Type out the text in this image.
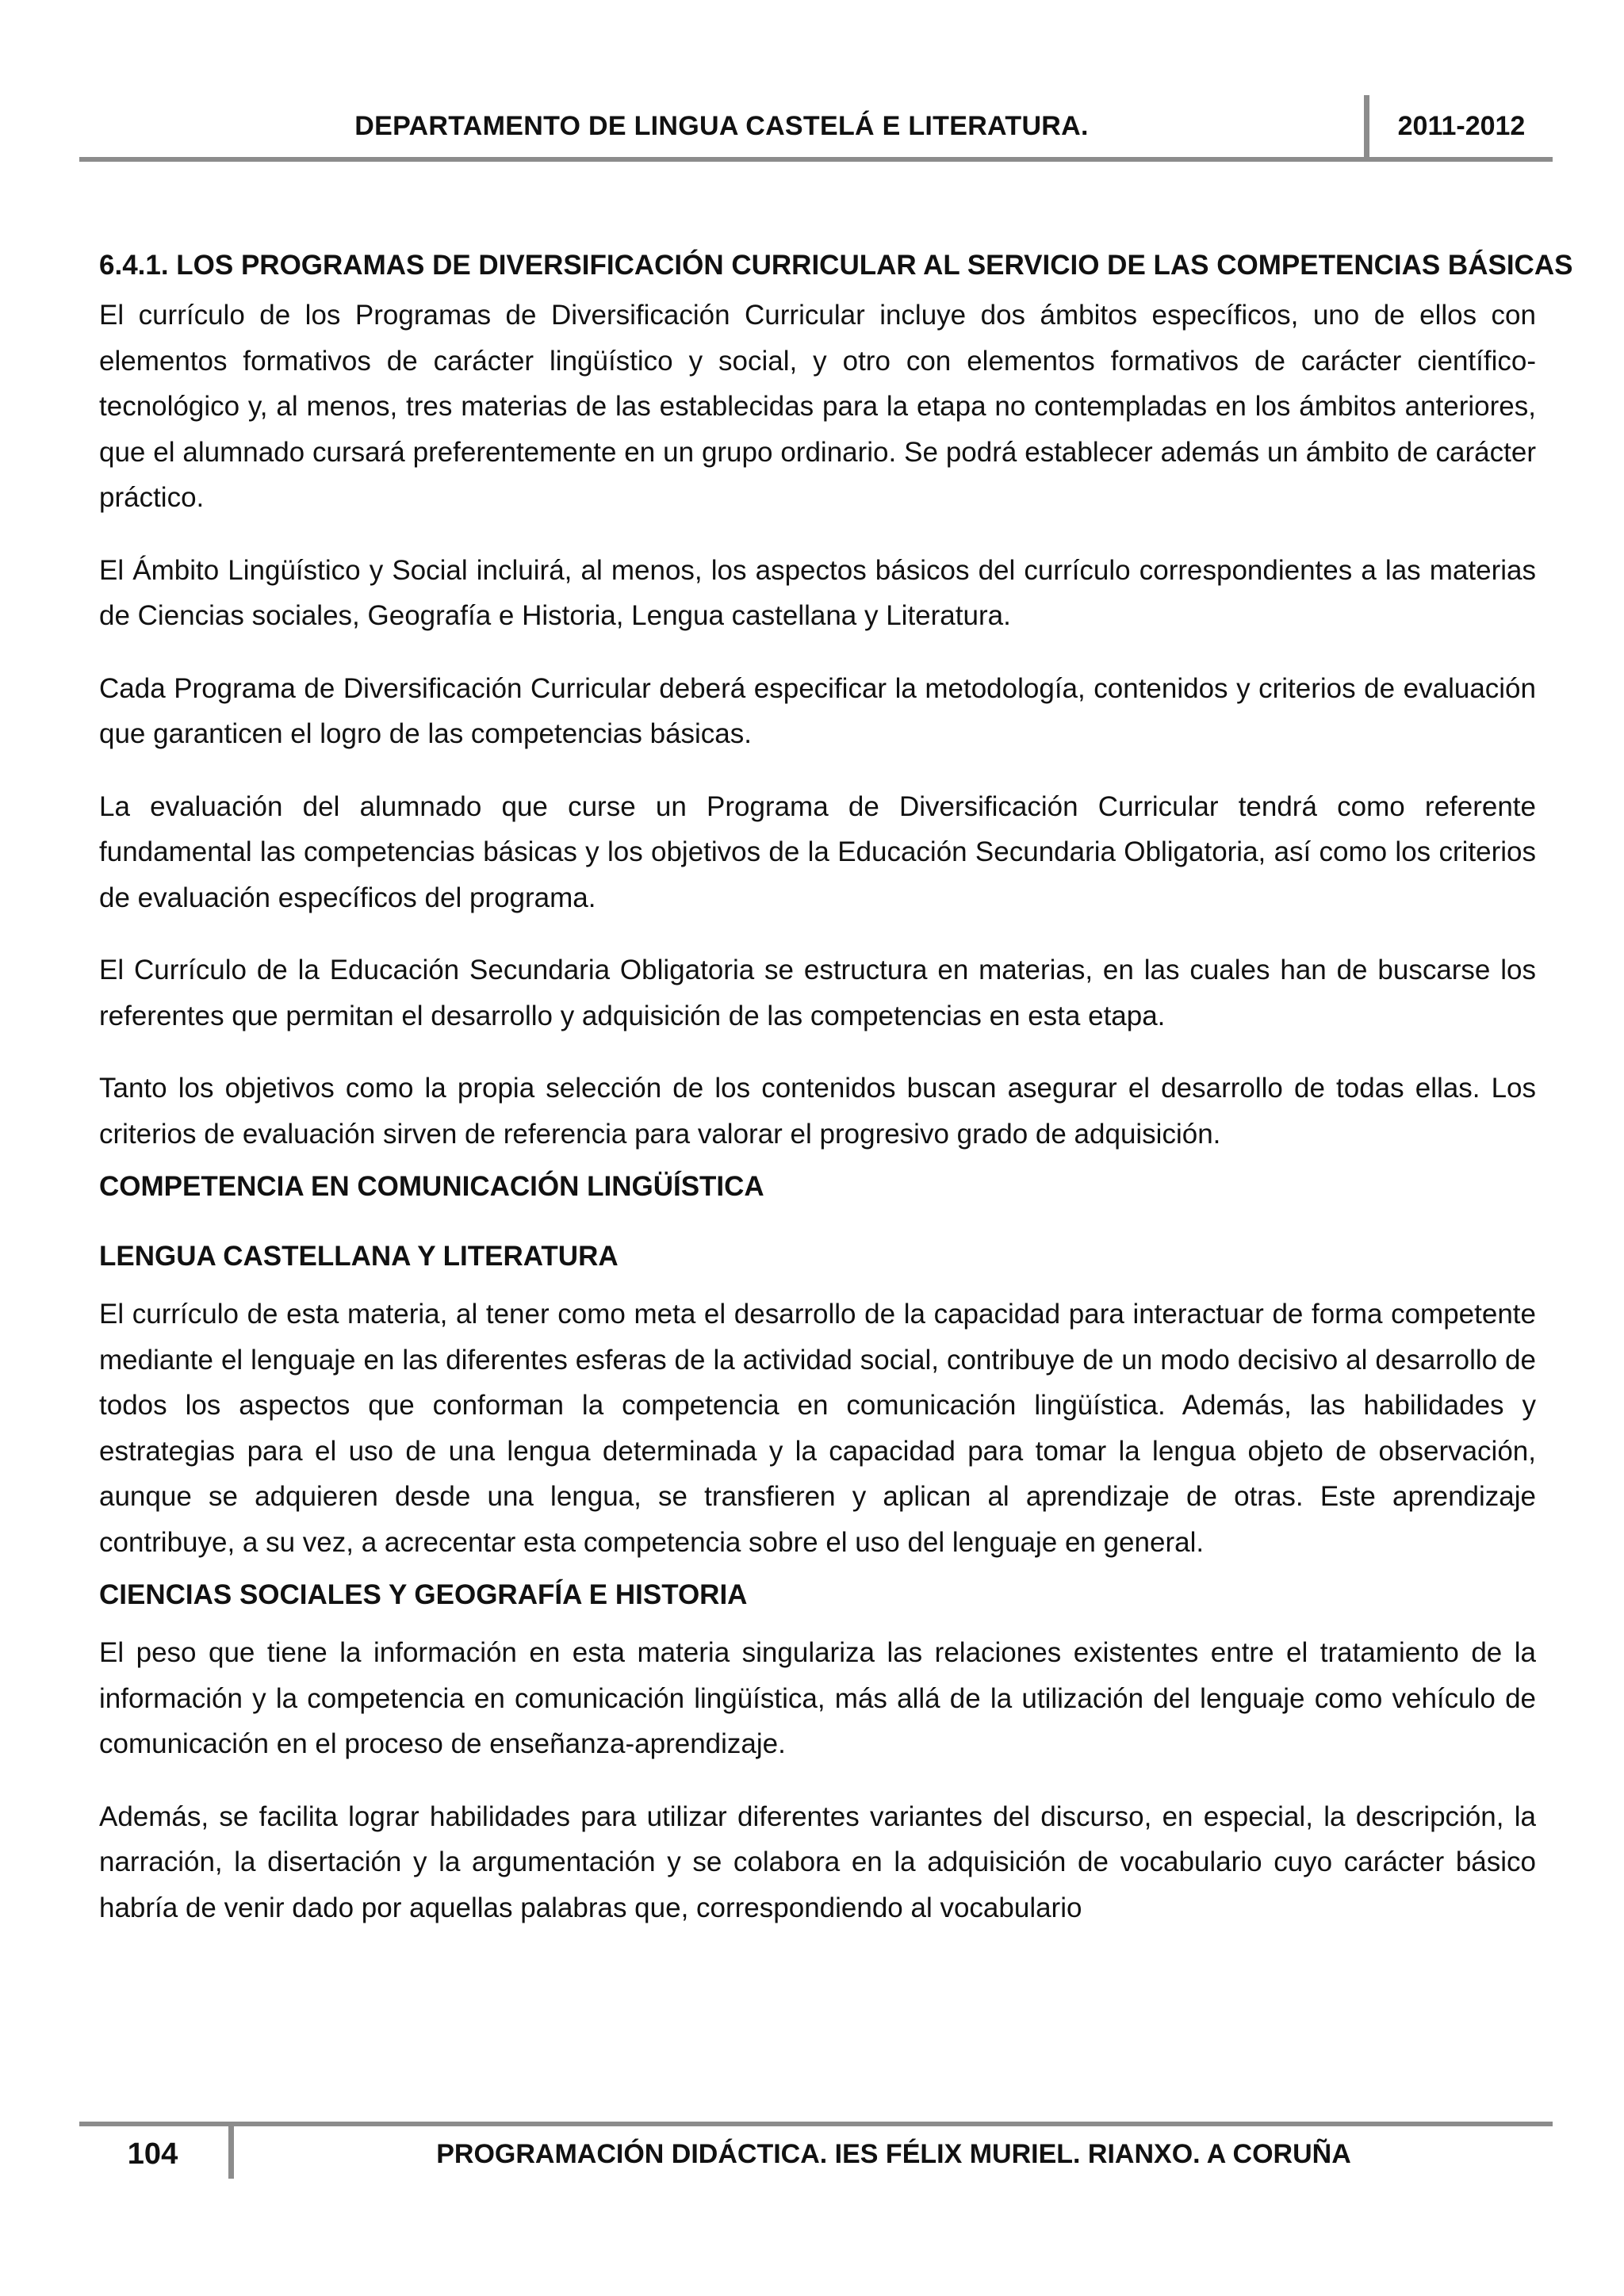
DEPARTAMENTO DE LINGUA CASTELÁ E LITERATURA.	2011-2012
6.4.1. LOS PROGRAMAS DE DIVERSIFICACIÓN CURRICULAR AL SERVICIO DE LAS COMPETENCIAS BÁSICAS

El currículo de los Programas de Diversificación Curricular incluye dos ámbitos específicos, uno de ellos con elementos formativos de carácter lingüístico y social, y otro con elementos formativos de carácter científico-tecnológico y, al menos, tres materias de las establecidas para la etapa no contempladas en los ámbitos anteriores, que el alumnado cursará preferentemente en un grupo ordinario. Se podrá establecer además un ámbito de carácter práctico.

El Ámbito Lingüístico y Social incluirá, al menos, los aspectos básicos del currículo correspondientes a las materias de Ciencias sociales, Geografía e Historia, Lengua castellana y Literatura.

Cada Programa de Diversificación Curricular deberá especificar la metodología, contenidos y criterios de evaluación que garanticen el logro de las competencias básicas.

La evaluación del alumnado que curse un Programa de Diversificación Curricular tendrá como referente fundamental las competencias básicas y los objetivos de la Educación Secundaria Obligatoria, así como los criterios de evaluación específicos del programa.

El Currículo de la Educación Secundaria Obligatoria se estructura en materias, en las cuales han de buscarse los referentes que permitan el desarrollo y adquisición de las competencias en esta etapa.

Tanto los objetivos como la propia selección de los contenidos buscan asegurar el desarrollo de todas ellas. Los criterios de evaluación sirven de referencia para valorar el progresivo grado de adquisición.

COMPETENCIA EN COMUNICACIÓN LINGÜÍSTICA
LENGUA CASTELLANA Y LITERATURA

El currículo de esta materia, al tener como meta el desarrollo de la capacidad para interactuar de forma competente mediante el lenguaje en las diferentes esferas de la actividad social, contribuye de un modo decisivo al desarrollo de todos los aspectos que conforman la competencia en comunicación lingüística. Además, las habilidades y estrategias para el uso de una lengua determinada y la capacidad para tomar la lengua objeto de observación, aunque se adquieren desde una lengua, se transfieren y aplican al aprendizaje de otras. Este aprendizaje contribuye, a su vez, a acrecentar esta competencia sobre el uso del lenguaje en general.

CIENCIAS SOCIALES Y GEOGRAFÍA E HISTORIA

El peso que tiene la información en esta materia singulariza las relaciones existentes entre el tratamiento de la información y la competencia en comunicación lingüística, más allá de la utilización del lenguaje como vehículo de comunicación en el proceso de enseñanza-aprendizaje.

Además, se facilita lograr habilidades para utilizar diferentes variantes del discurso, en especial, la descripción, la narración, la disertación y la argumentación y se colabora en la adquisición de vocabulario cuyo carácter básico habría de venir dado por aquellas palabras que, correspondiendo al vocabulario

104	PROGRAMACIÓN DIDÁCTICA. IES FÉLIX MURIEL. RIANXO. A CORUÑA
